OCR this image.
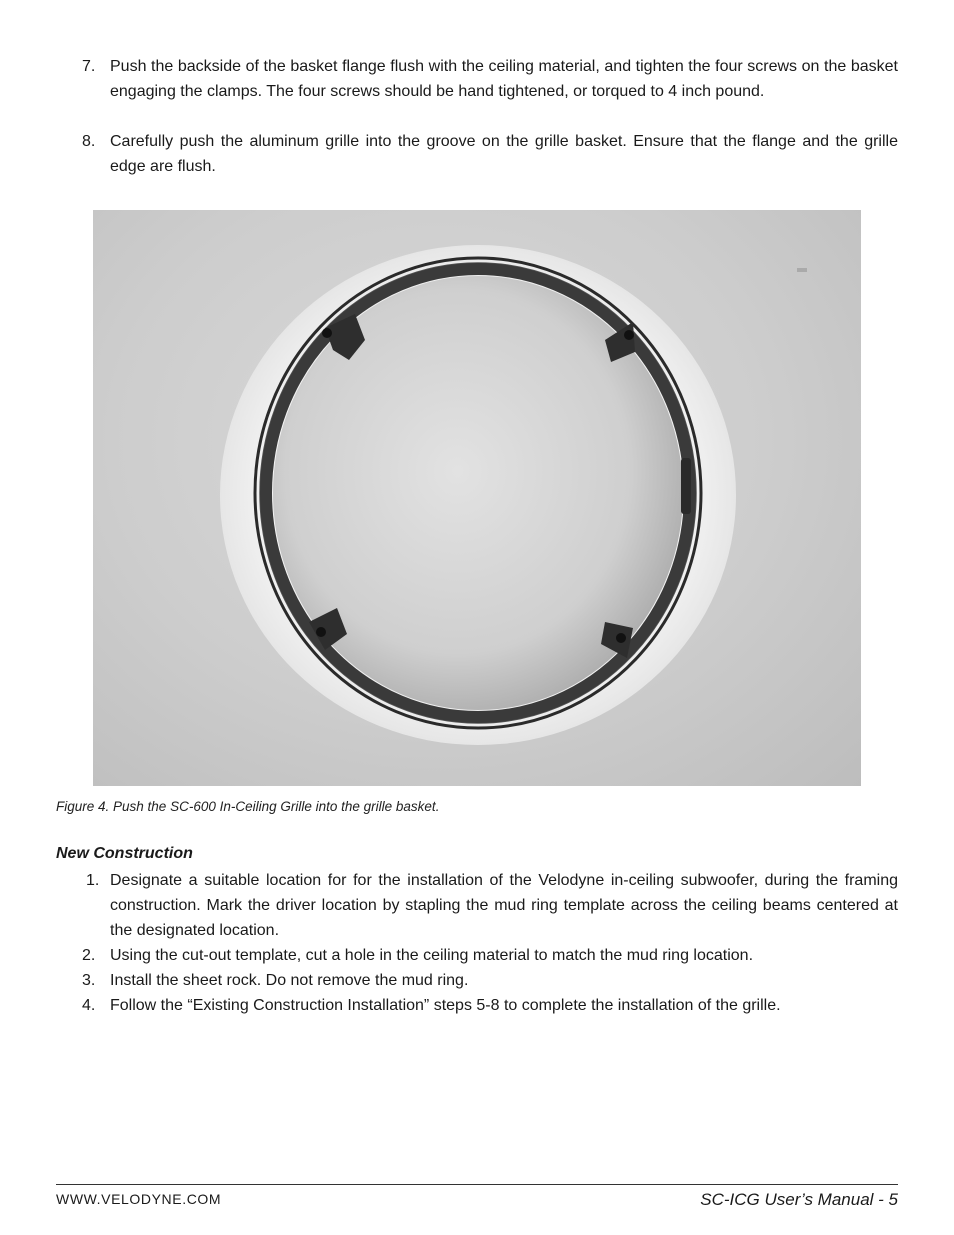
7. Push the backside of the basket flange flush with the ceiling material, and tighten the four screws on the basket engaging the clamps. The four screws should be hand tightened, or torqued to 4 inch pound.
8. Carefully push the aluminum grille into the groove on the grille basket. Ensure that the flange and the grille edge are flush.
Figure 4. Push the SC-600 In-Ceiling Grille into the grille basket.
New Construction
1. Designate a suitable location for for the installation of the Velodyne in-ceiling subwoofer, during the framing construction. Mark the driver location by stapling the mud ring template across the ceiling beams centered at the designated location.
2. Using the cut-out template, cut a hole in the ceiling material to match the mud ring location.
3. Install the sheet rock. Do not remove the mud ring.
4. Follow the “Existing Construction Installation” steps 5-8 to complete the installation of the grille.
WWW.VELODYNE.COM	SC-ICG User’s Manual - 5
